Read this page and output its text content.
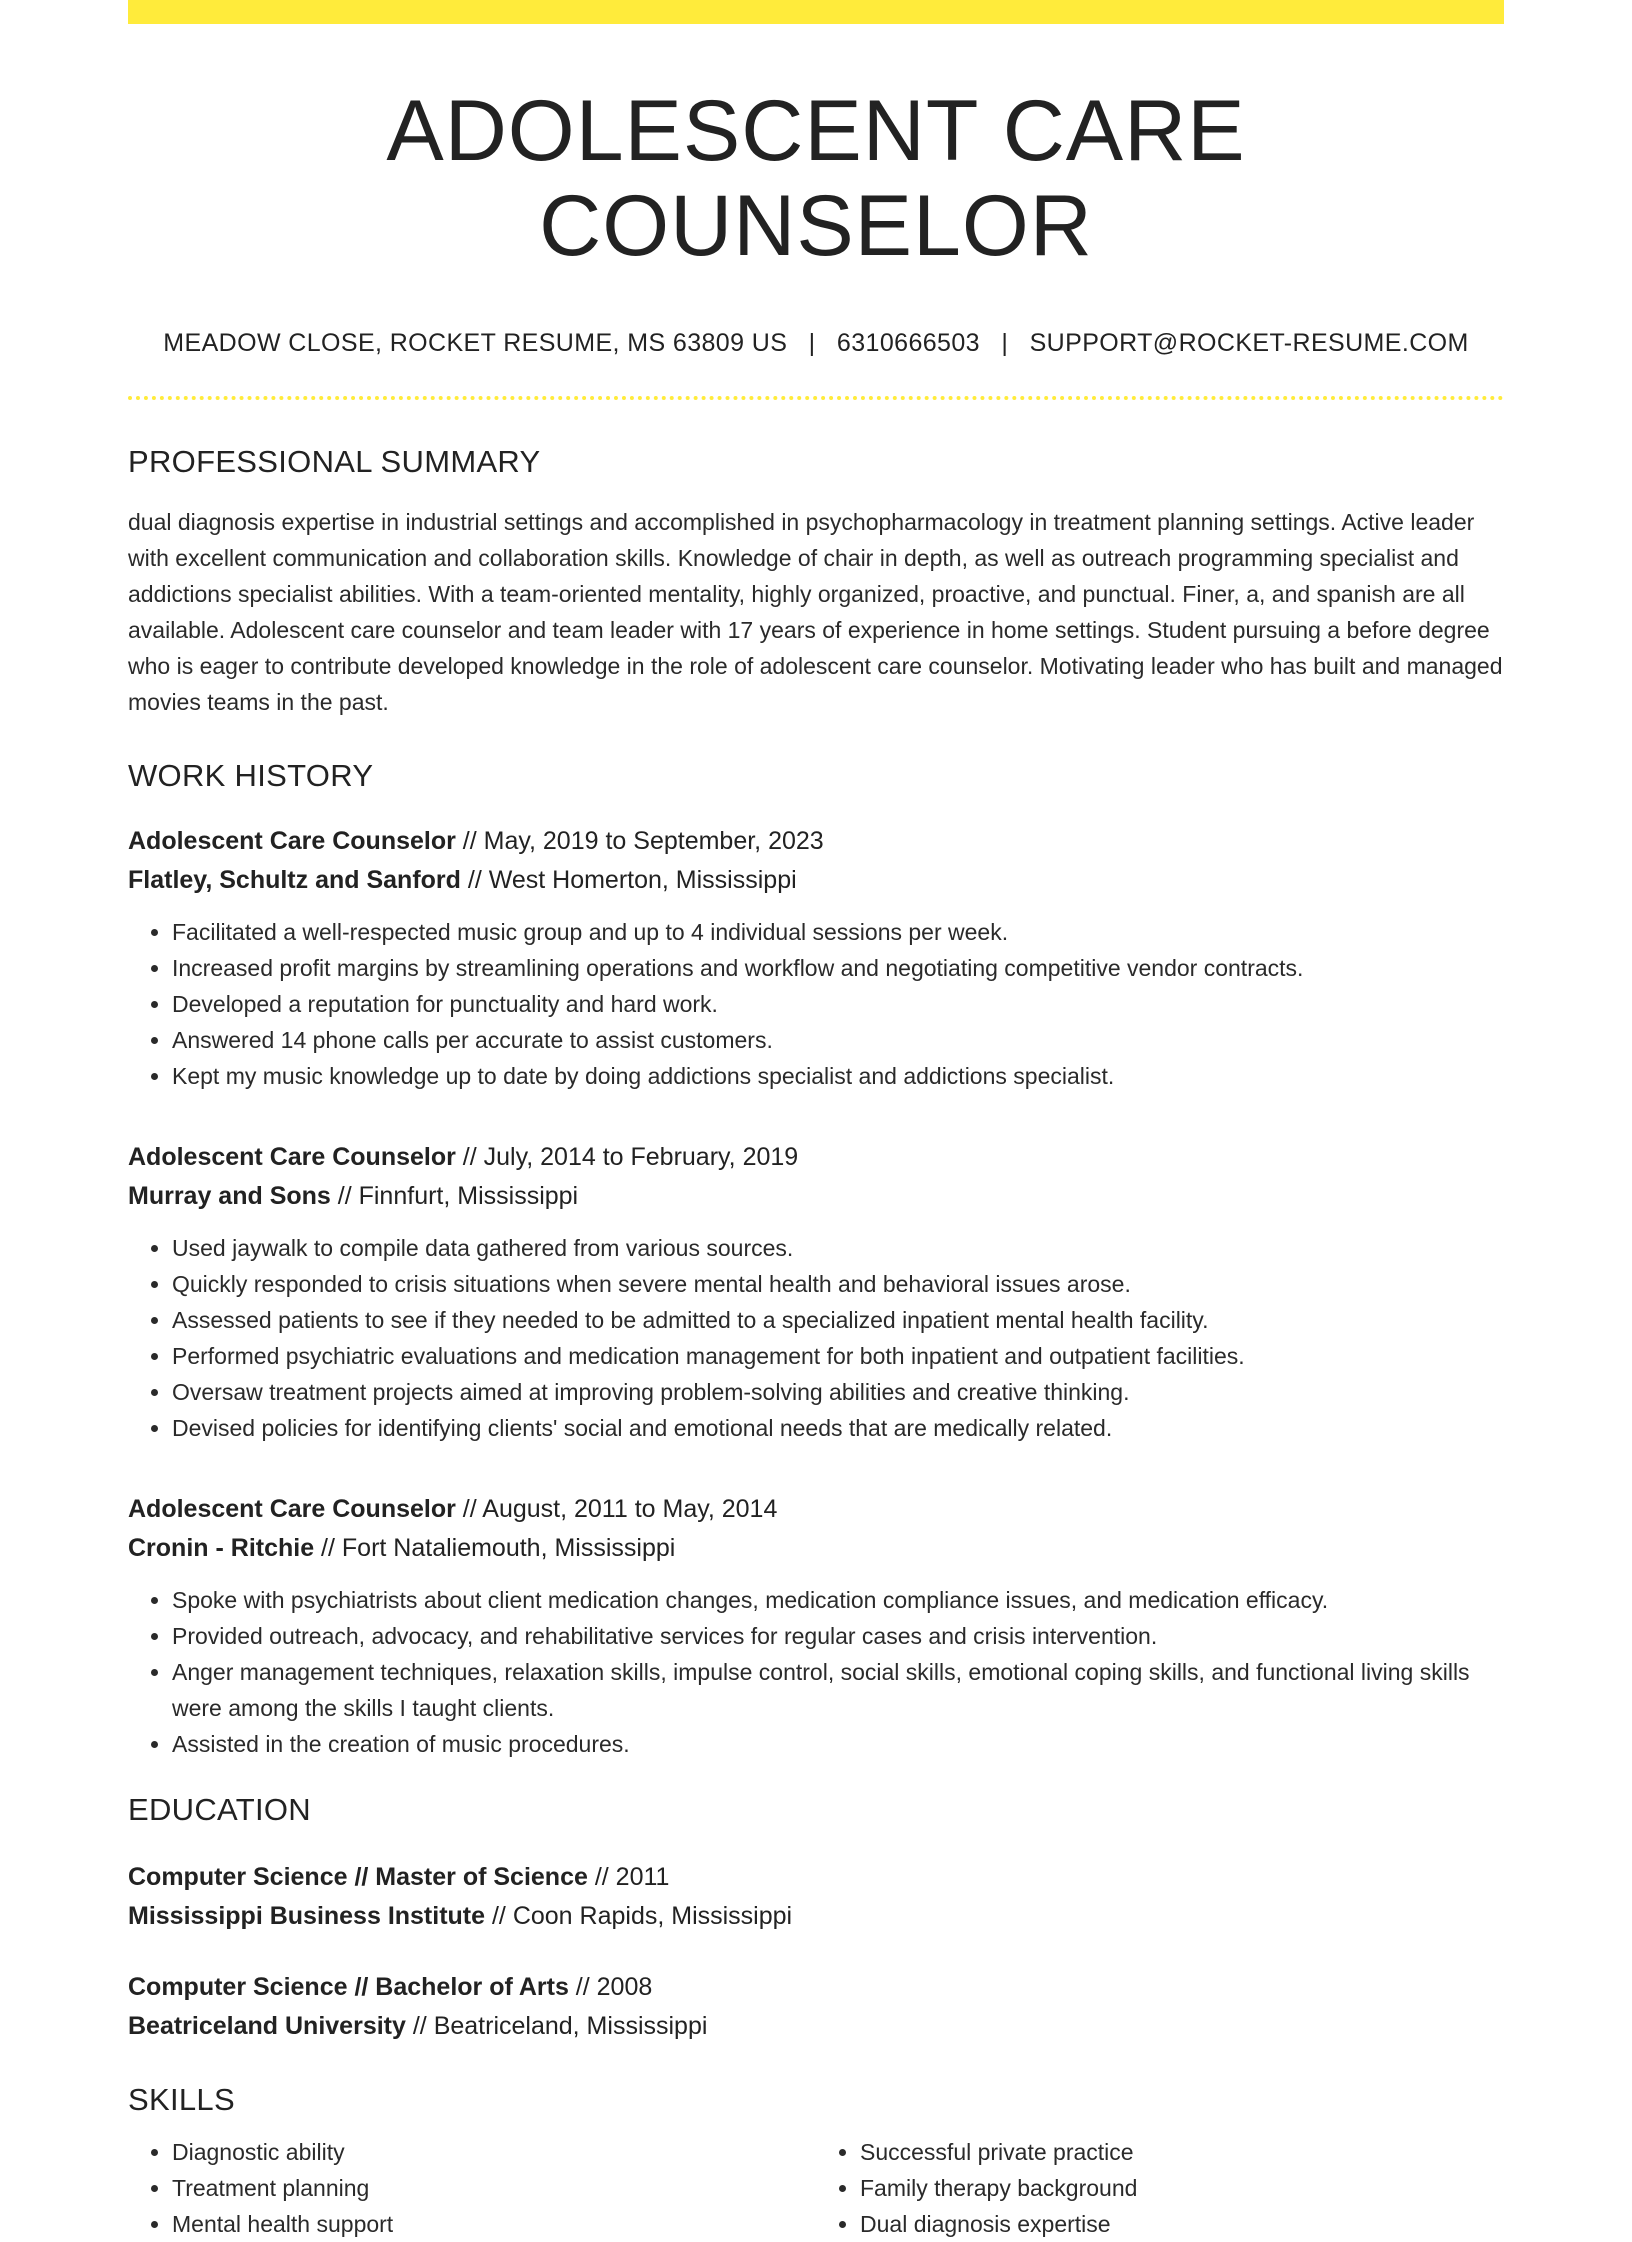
ADOLESCENT CARE COUNSELOR
MEADOW CLOSE, ROCKET RESUME, MS 63809 US | 6310666503 | SUPPORT@ROCKET-RESUME.COM
PROFESSIONAL SUMMARY

dual diagnosis expertise in industrial settings and accomplished in psychopharmacology in treatment planning settings. Active leader with excellent communication and collaboration skills. Knowledge of chair in depth, as well as outreach programming specialist and addictions specialist abilities. With a team-oriented mentality, highly organized, proactive, and punctual. Finer, a, and spanish are all available. Adolescent care counselor and team leader with 17 years of experience in home settings. Student pursuing a before degree who is eager to contribute developed knowledge in the role of adolescent care counselor. Motivating leader who has built and managed movies teams in the past.

WORK HISTORY
Adolescent Care Counselor // May, 2019 to September, 2023
Flatley, Schultz and Sanford // West Homerton, Mississippi
• Facilitated a well-respected music group and up to 4 individual sessions per week.
• Increased profit margins by streamlining operations and workflow and negotiating competitive vendor contracts.
• Developed a reputation for punctuality and hard work.
• Answered 14 phone calls per accurate to assist customers.
• Kept my music knowledge up to date by doing addictions specialist and addictions specialist.
Adolescent Care Counselor // July, 2014 to February, 2019
Murray and Sons // Finnfurt, Mississippi
• Used jaywalk to compile data gathered from various sources.
• Quickly responded to crisis situations when severe mental health and behavioral issues arose.
• Assessed patients to see if they needed to be admitted to a specialized inpatient mental health facility.
• Performed psychiatric evaluations and medication management for both inpatient and outpatient facilities.
• Oversaw treatment projects aimed at improving problem-solving abilities and creative thinking.
• Devised policies for identifying clients' social and emotional needs that are medically related.
Adolescent Care Counselor // August, 2011 to May, 2014
Cronin - Ritchie // Fort Nataliemouth, Mississippi
• Spoke with psychiatrists about client medication changes, medication compliance issues, and medication efficacy.
• Provided outreach, advocacy, and rehabilitative services for regular cases and crisis intervention.
• Anger management techniques, relaxation skills, impulse control, social skills, emotional coping skills, and functional living skills were among the skills I taught clients.
• Assisted in the creation of music procedures.
EDUCATION
Computer Science // Master of Science // 2011
Mississippi Business Institute // Coon Rapids, Mississippi
Computer Science // Bachelor of Arts // 2008
Beatriceland University // Beatriceland, Mississippi
SKILLS
• Diagnostic ability
• Treatment planning
• Mental health support
• Successful private practice
• Family therapy background
• Dual diagnosis expertise
